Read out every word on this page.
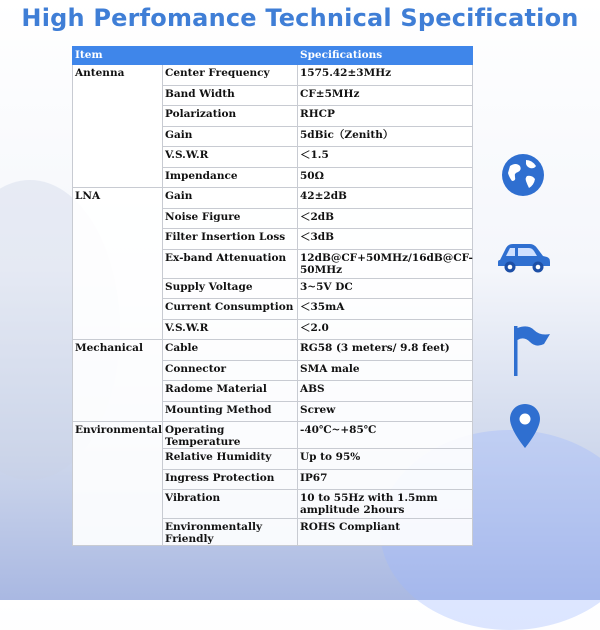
High Perfomance Technical Specification
Item		Specifications
Antenna	Center Frequency	1575.42±3MHz
	Band Width	CF±5MHz
	Polarization	RHCP
	Gain	5dBic（Zenith）
	V.S.W.R	＜1.5
	Impendance	50Ω
LNA	Gain	42±2dB
	Noise Figure	＜2dB
	Filter Insertion Loss	＜3dB
	Ex-band Attenuation	12dB@CF+50MHz/16dB@CF-50MHz
	Supply Voltage	3~5V DC
	Current Consumption	＜35mA
	V.S.W.R	＜2.0
Mechanical	Cable	RG58 (3 meters/ 9.8 feet)
	Connector	SMA male
	Radome Material	ABS
	Mounting Method	Screw
Environmental	Operating Temperature	-40℃~+85℃
	Relative Humidity	Up to 95%
	Ingress Protection	IP67
	Vibration	10 to 55Hz with 1.5mm amplitude 2hours
	Environmentally Friendly	ROHS Compliant
